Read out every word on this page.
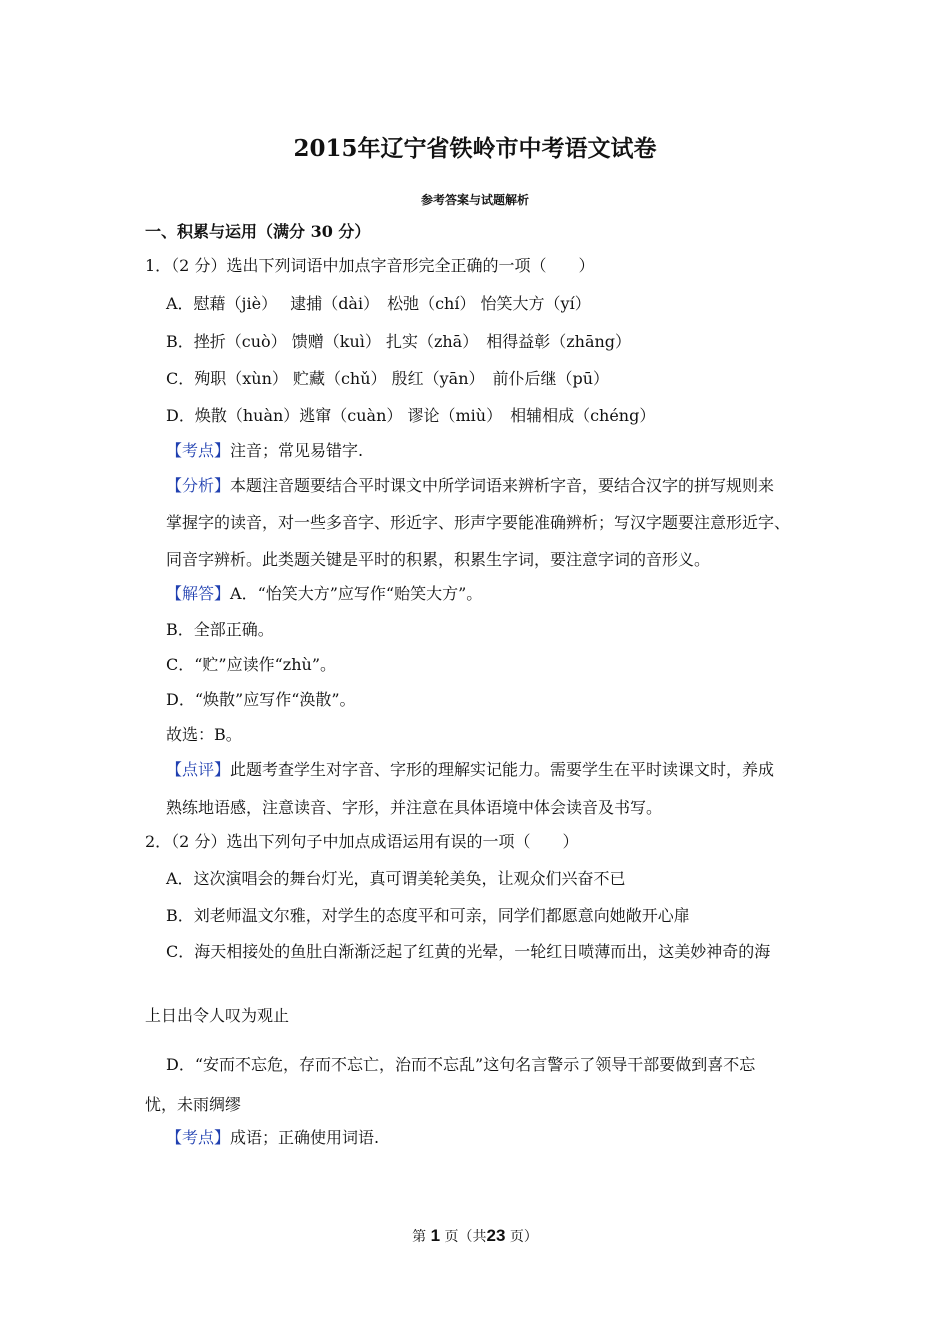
2015年辽宁省铁岭市中考语文试卷
参考答案与试题解析
一、积累与运用（满分 30 分）
1．（2 分）选出下列词语中加点字音形完全正确的一项（　　）
A．慰藉（jiè）　 逮捕（dài）　松弛（chí） 怡笑大方（yí）
B．挫折（cuò） 馈赠（kuì） 扎实（zhā）　相得益彰（zhāng）
C．殉职（xùn） 贮藏（chǔ） 殷红（yān）　前仆后继（pū）
D．焕散（huàn）逃窜（cuàn） 谬论（miù）　相辅相成（chéng）
【考点】注音；常见易错字.
【分析】本题注音题要结合平时课文中所学词语来辨析字音，要结合汉字的拼写规则来
掌握字的读音，对一些多音字、形近字、形声字要能准确辨析；写汉字题要注意形近字、
同音字辨析。此类题关键是平时的积累，积累生字词，要注意字词的音形义。
【解答】A．“怡笑大方”应写作“贻笑大方”。
B．全部正确。
C．“贮”应读作“zhù”。
D．“焕散”应写作“涣散”。
故选：B。
【点评】此题考查学生对字音、字形的理解实记能力。需要学生在平时读课文时，养成
熟练地语感，注意读音、字形，并注意在具体语境中体会读音及书写。
2．（2 分）选出下列句子中加点成语运用有误的一项（　　）
A．这次演唱会的舞台灯光，真可谓美轮美奂，让观众们兴奋不已
B．刘老师温文尔雅，对学生的态度平和可亲，同学们都愿意向她敞开心扉
C．海天相接处的鱼肚白渐渐泛起了红黄的光晕，一轮红日喷薄而出，这美妙神奇的海
上日出令人叹为观止
D．“安而不忘危，存而不忘亡，治而不忘乱”这句名言警示了领导干部要做到喜不忘
忧，未雨绸缪
【考点】成语；正确使用词语.
第 1 页（共23 页）
